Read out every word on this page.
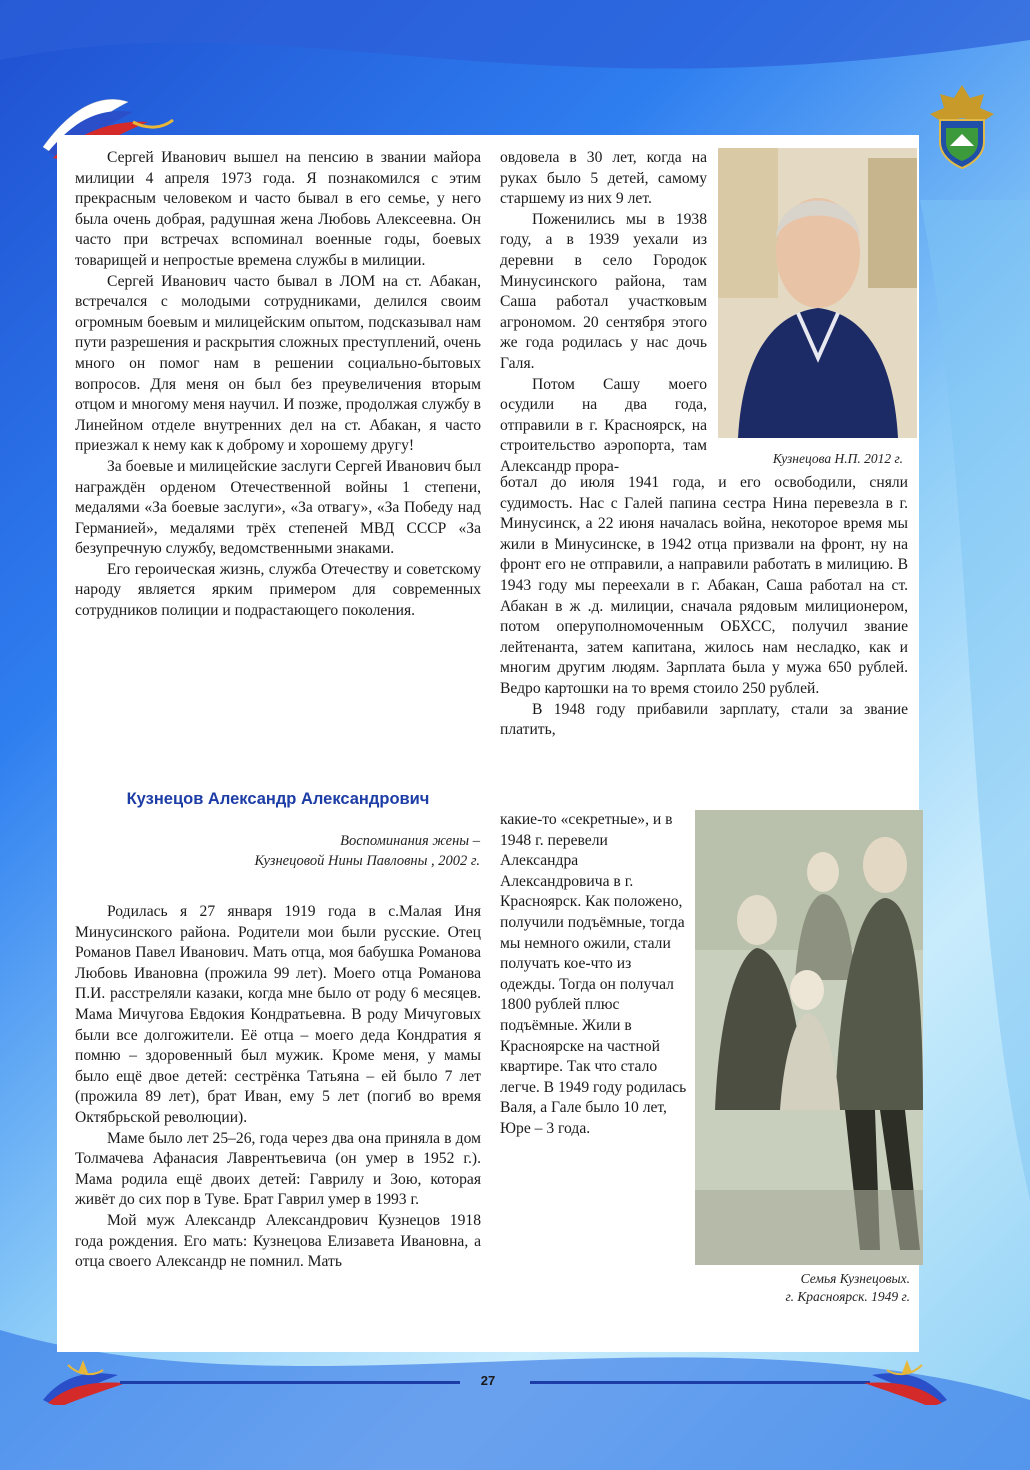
Сергей Иванович вышел на пенсию в звании майора милиции 4 апреля 1973 года. Я познакомился с этим прекрасным человеком и часто бывал в его семье, у него была очень добрая, радушная жена Любовь Алексеевна. Он часто при встречах вспоминал военные годы, боевых товарищей и непростые времена службы в милиции.

Сергей Иванович часто бывал в ЛОМ на ст. Абакан, встречался с молодыми сотрудниками, делился своим огромным боевым и милицейским опытом, подсказывал нам пути разрешения и раскрытия сложных преступлений, очень много он помог нам в решении социально-бытовых вопросов. Для меня он был без преувеличения вторым отцом и многому меня научил. И позже, продолжая службу в Линейном отделе внутренних дел на ст. Абакан, я часто приезжал к нему как к доброму и хорошему другу!

За боевые и милицейские заслуги Сергей Иванович был награждён орденом Отечественной войны 1 степени, медалями «За боевые заслуги», «За отвагу», «За Победу над Германией», медалями трёх степеней МВД СССР «За безупречную службу, ведомственными знаками.

Его героическая жизнь, служба Отечеству и советскому народу является ярким примером для современных сотрудников полиции и подрастающего поколения.

Кузнецов Александр Александрович
Воспоминания жены –
Кузнецовой Нины Павловны , 2002 г.

Родилась я 27 января 1919 года в с.Малая Иня Минусинского района. Родители мои были русские. Отец Романов Павел Иванович. Мать отца, моя бабушка Романова Любовь Ивановна (прожила 99 лет). Моего отца Романова П.И. расстреляли казаки, когда мне было от роду 6 месяцев. Мама Мичугова Евдокия Кондратьевна. В роду Мичуговых были все долгожители. Её отца – моего деда Кондратия я помню – здоровенный был мужик. Кроме меня, у мамы было ещё двое детей: сестрёнка Татьяна – ей было 7 лет (прожила 89 лет), брат Иван, ему 5 лет (погиб во время Октябрьской революции).

Маме было лет 25–26, года через два она приняла в дом Толмачева Афанасия Лаврентьевича (он умер в 1952 г.). Мама родила ещё двоих детей: Гаврилу и Зою, которая живёт до сих пор в Туве. Брат Гаврил умер в 1993 г.

Мой муж Александр Александрович Кузнецов 1918 года рождения. Его мать: Кузнецова Елизавета Ивановна, а отца своего Александр не помнил. Мать

овдовела в 30 лет, когда на руках было 5 детей, самому старшему из них 9 лет.

Поженились мы в 1938 году, а в 1939 уехали из деревни в село Городок Минусинского района, там Саша работал участковым агрономом. 20 сентября этого же года родилась у нас дочь Галя.

Потом Сашу моего осудили на два года, отправили в г. Красноярск, на строительство аэропорта, там Александр прора-	Кузнецова Н.П. 2012 г.

ботал до июля 1941 года, и его освободили, сняли судимость. Нас с Галей папина сестра Нина перевезла в г. Минусинск, а 22 июня началась война, некоторое время мы жили в Минусинске, в 1942 отца призвали на фронт, ну на фронт его не отправили, а направили работать в милицию. В 1943 году мы переехали в г. Абакан, Саша работал на ст. Абакан в ж .д. милиции, сначала рядовым милиционером, потом оперуполномоченным ОБХСС, получил звание лейтенанта, затем капитана, жилось нам несладко, как и многим другим людям. Зарплата была у мужа 650 рублей. Ведро картошки на то время стоило 250 рублей.

В 1948 году прибавили зарплату, стали за звание платить,

какие-то «секретные», и в 1948 г. перевели Александра Александровича в г. Красноярск. Как положено, получили подъёмные, тогда мы немного ожили, стали получать кое-что из одежды. Тогда он получал 1800 рублей плюс подъёмные. Жили в Красноярске на частной квартире. Так что стало легче. В 1949 году родилась Валя, а Гале было 10 лет, Юре – 3 года.

Семья Кузнецовых.
г. Красноярск. 1949 г.
27
